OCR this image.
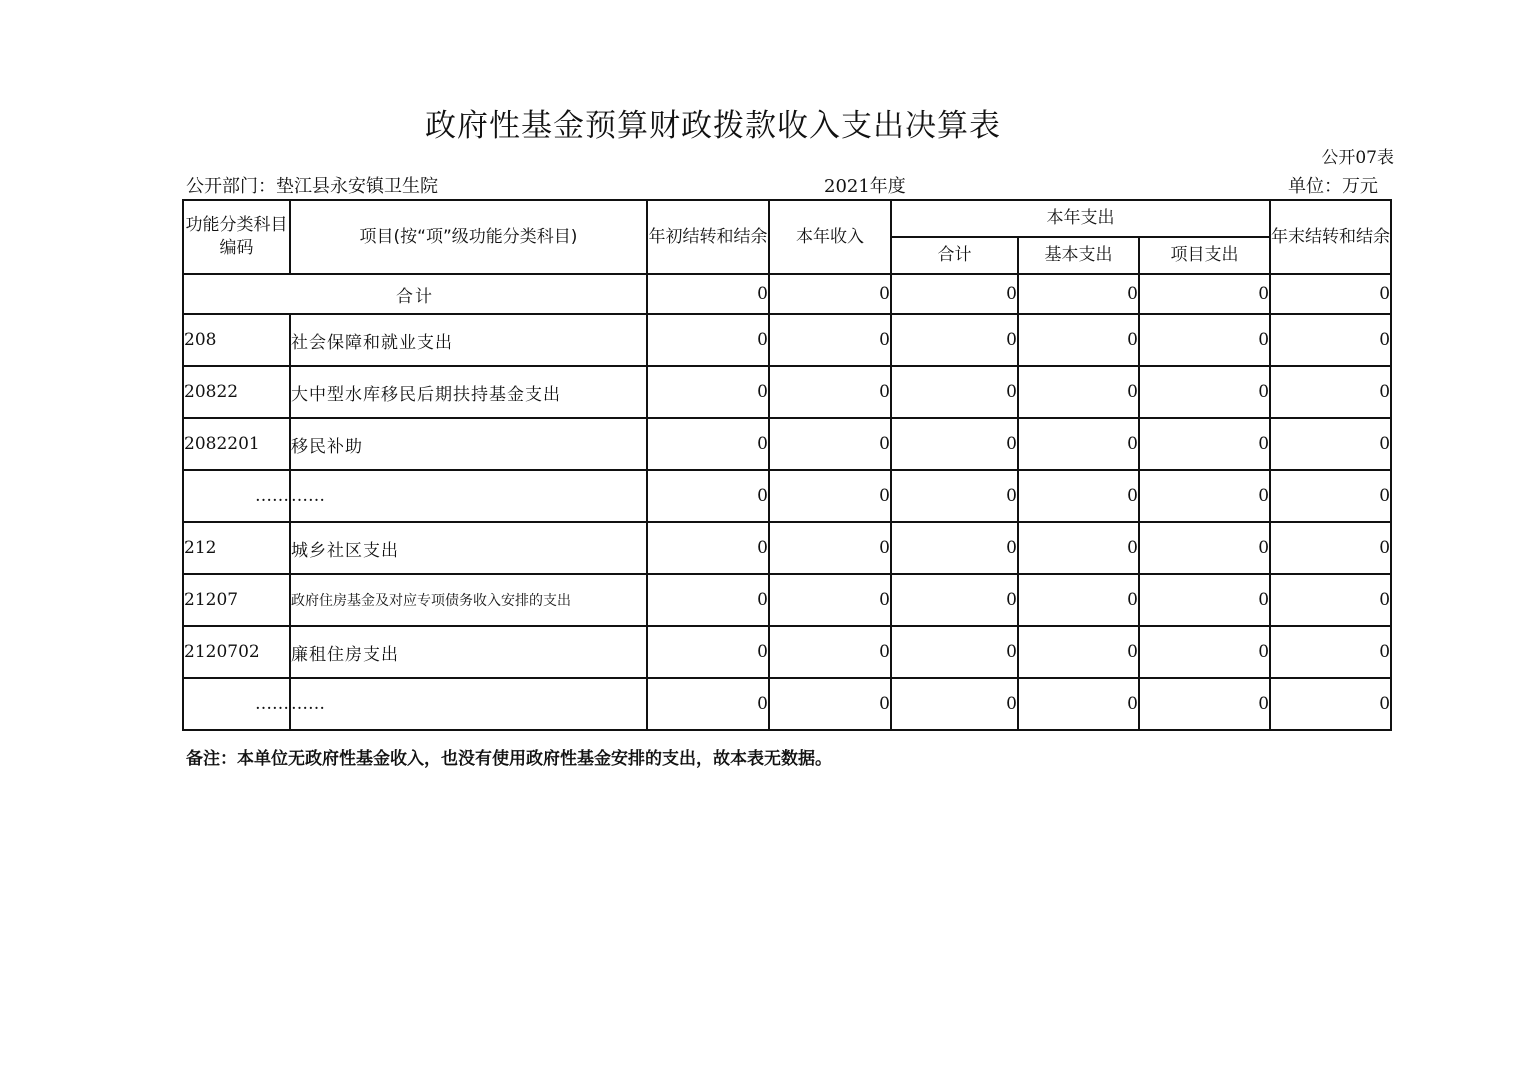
政府性基金预算财政拨款收入支出决算表
公开07表
公开部门：垫江县永安镇卫生院	2021年度	单位：万元
功能分类科目编码	项目(按“项”级功能分类科目)	年初结转和结余	本年收入	本年支出			年末结转和结余
				合计	基本支出	项目支出	
合计		0	0	0	0	0	0
208	社会保障和就业支出	0	0	0	0	0	0
20822	大中型水库移民后期扶持基金支出	0	0	0	0	0	0
2082201	移民补助	0	0	0	0	0	0
……	……	0	0	0	0	0	0
212	城乡社区支出	0	0	0	0	0	0
21207	政府住房基金及对应专项债务收入安排的支出	0	0	0	0	0	0
2120702	廉租住房支出	0	0	0	0	0	0
……	……	0	0	0	0	0	0
备注：本单位无政府性基金收入，也没有使用政府性基金安排的支出，故本表无数据。
